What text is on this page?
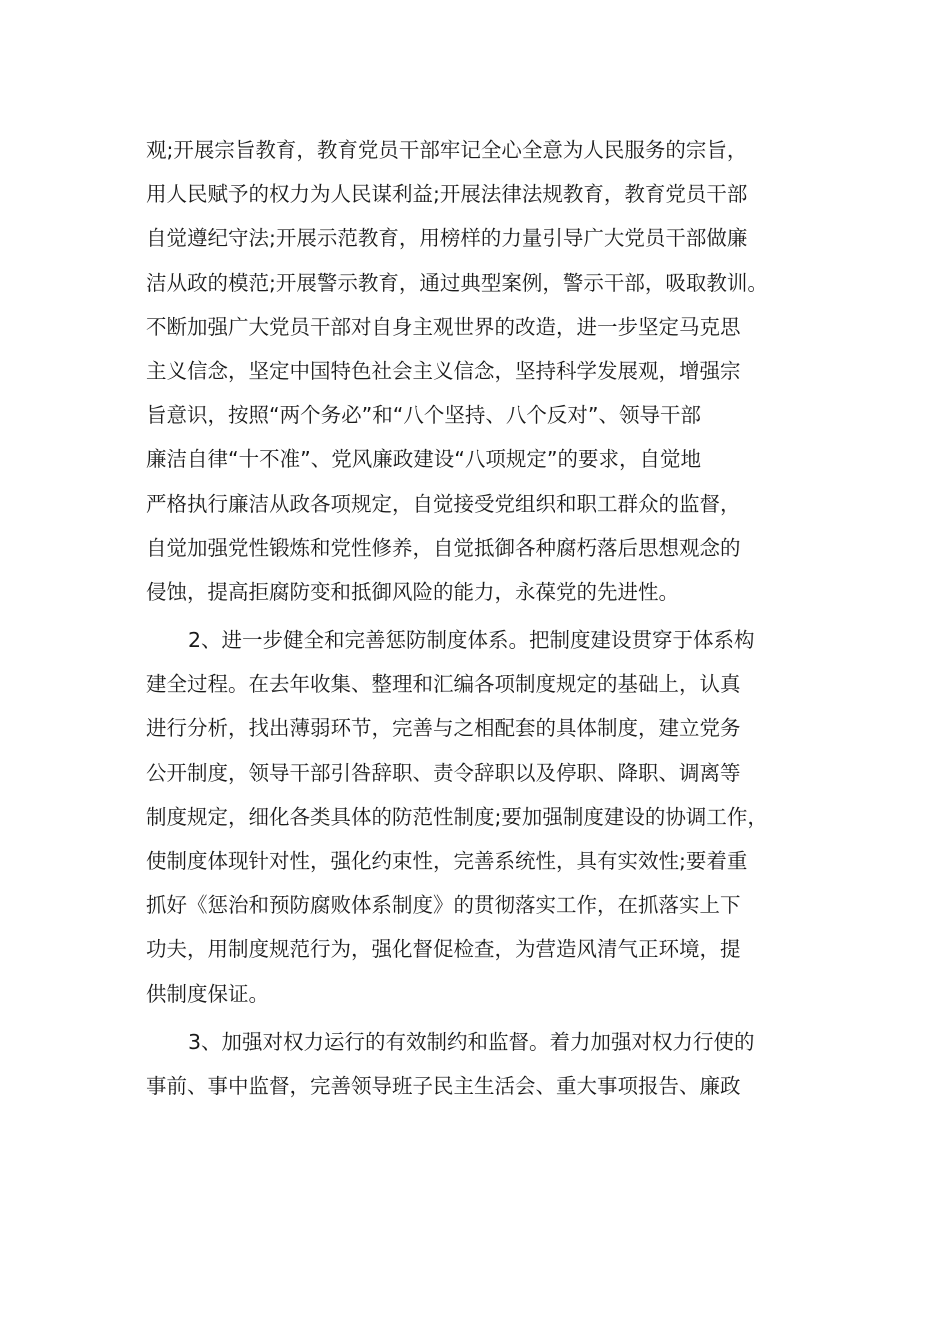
观;开展宗旨教育，教育党员干部牢记全心全意为人民服务的宗旨，
用人民赋予的权力为人民谋利益;开展法律法规教育，教育党员干部
自觉遵纪守法;开展示范教育，用榜样的力量引导广大党员干部做廉
洁从政的模范;开展警示教育，通过典型案例，警示干部，吸取教训。
不断加强广大党员干部对自身主观世界的改造，进一步坚定马克思
主义信念，坚定中国特色社会主义信念，坚持科学发展观，增强宗
旨意识，按照“两个务必”和“八个坚持、八个反对”、领导干部
廉洁自律“十不准”、党风廉政建设“八项规定”的要求，自觉地
严格执行廉洁从政各项规定，自觉接受党组织和职工群众的监督，
自觉加强党性锻炼和党性修养，自觉抵御各种腐朽落后思想观念的
侵蚀，提高拒腐防变和抵御风险的能力，永葆党的先进性。
2、进一步健全和完善惩防制度体系。把制度建设贯穿于体系构
建全过程。在去年收集、整理和汇编各项制度规定的基础上，认真
进行分析，找出薄弱环节，完善与之相配套的具体制度，建立党务
公开制度，领导干部引咎辞职、责令辞职以及停职、降职、调离等
制度规定，细化各类具体的防范性制度;要加强制度建设的协调工作，
使制度体现针对性，强化约束性，完善系统性，具有实效性;要着重
抓好《惩治和预防腐败体系制度》的贯彻落实工作，在抓落实上下
功夫，用制度规范行为，强化督促检查，为营造风清气正环境，提
供制度保证。
3、加强对权力运行的有效制约和监督。着力加强对权力行使的
事前、事中监督，完善领导班子民主生活会、重大事项报告、廉政
